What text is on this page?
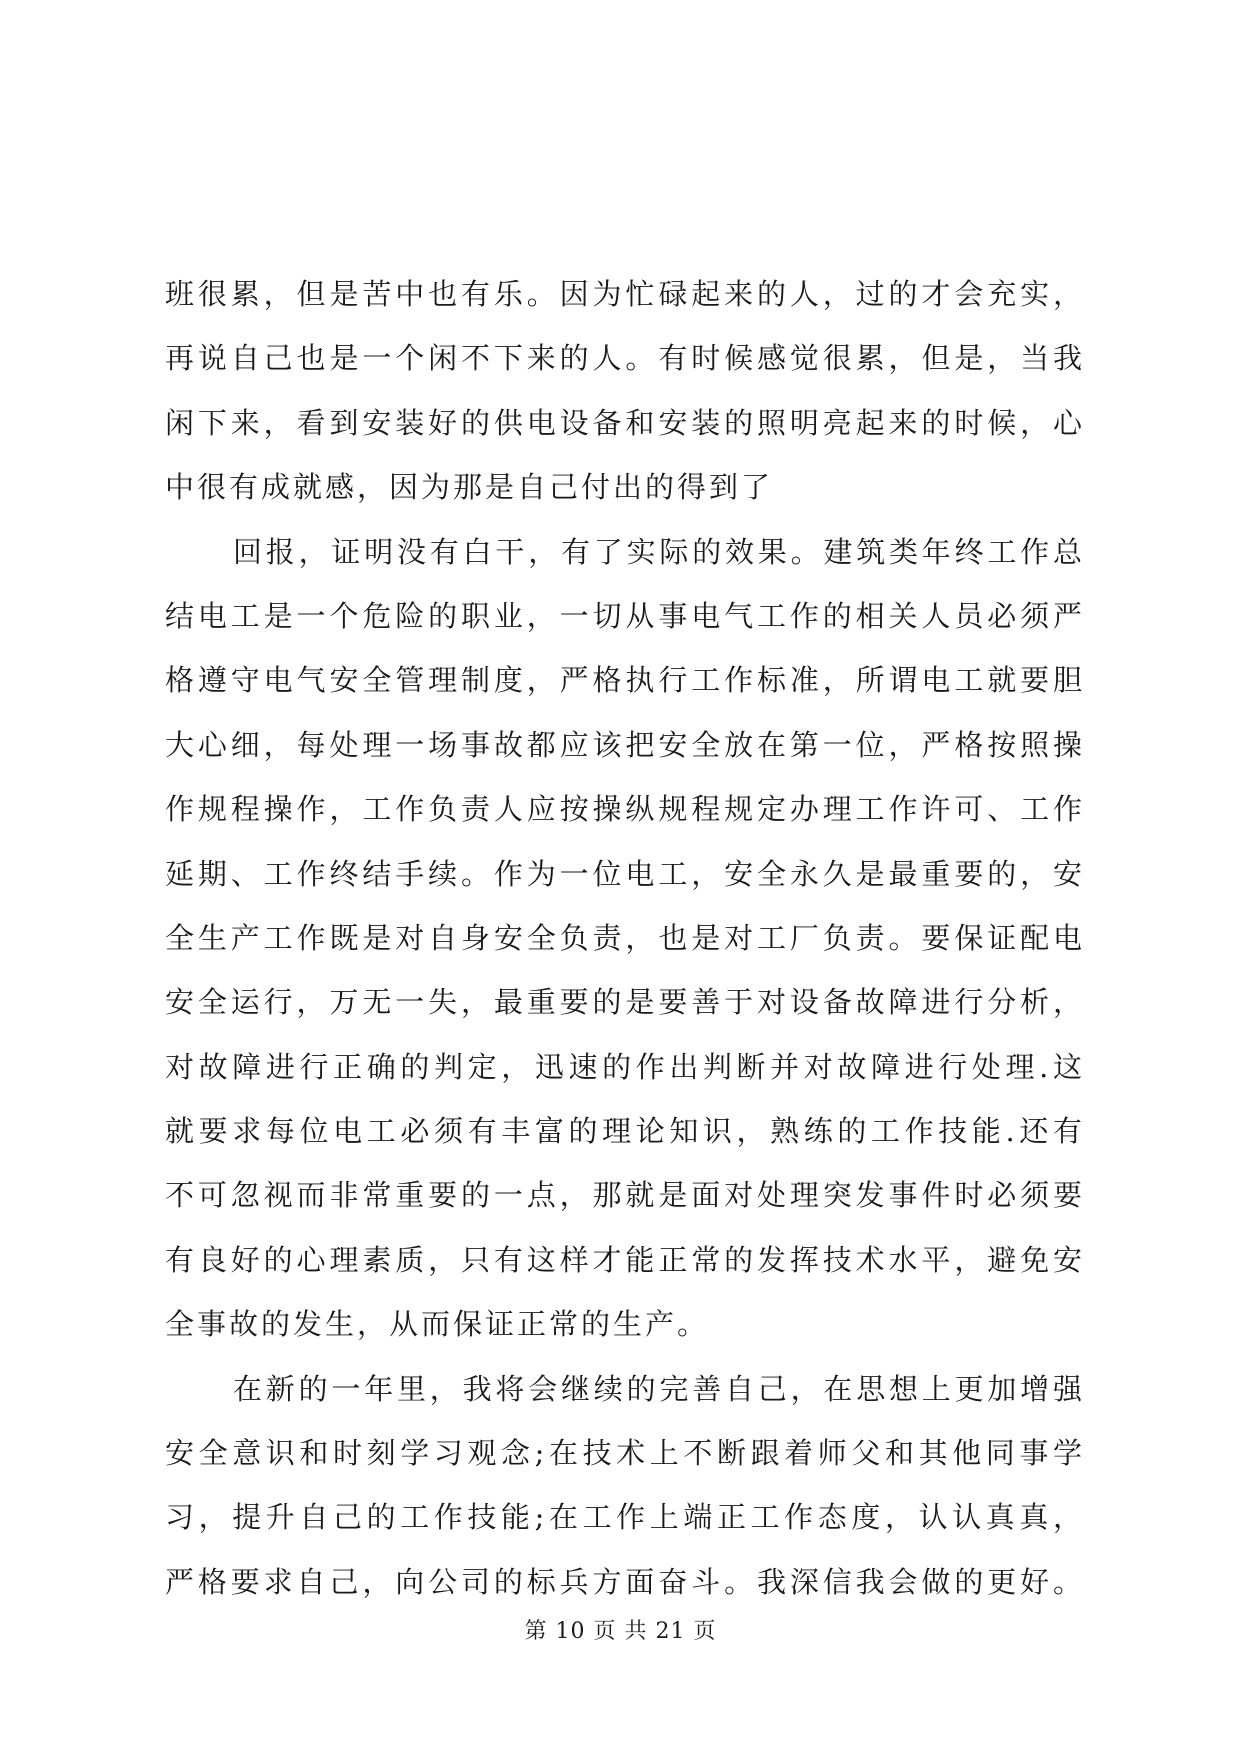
班很累，但是苦中也有乐。因为忙碌起来的人，过的才会充实，
再说自己也是一个闲不下来的人。有时候感觉很累，但是，当我
闲下来，看到安装好的供电设备和安装的照明亮起来的时候，心
中很有成就感，因为那是自己付出的得到了
回报，证明没有白干，有了实际的效果。建筑类年终工作总
结电工是一个危险的职业，一切从事电气工作的相关人员必须严
格遵守电气安全管理制度，严格执行工作标准，所谓电工就要胆
大心细，每处理一场事故都应该把安全放在第一位，严格按照操
作规程操作，工作负责人应按操纵规程规定办理工作许可、工作
延期、工作终结手续。作为一位电工，安全永久是最重要的，安
全生产工作既是对自身安全负责，也是对工厂负责。要保证配电
安全运行，万无一失，最重要的是要善于对设备故障进行分析，
对故障进行正确的判定，迅速的作出判断并对故障进行处理.这
就要求每位电工必须有丰富的理论知识，熟练的工作技能.还有
不可忽视而非常重要的一点，那就是面对处理突发事件时必须要
有良好的心理素质，只有这样才能正常的发挥技术水平，避免安
全事故的发生，从而保证正常的生产。
在新的一年里，我将会继续的完善自己，在思想上更加增强
安全意识和时刻学习观念;在技术上不断跟着师父和其他同事学
习，提升自己的工作技能;在工作上端正工作态度，认认真真，
严格要求自己，向公司的标兵方面奋斗。我深信我会做的更好。
第 10 页 共 21 页
